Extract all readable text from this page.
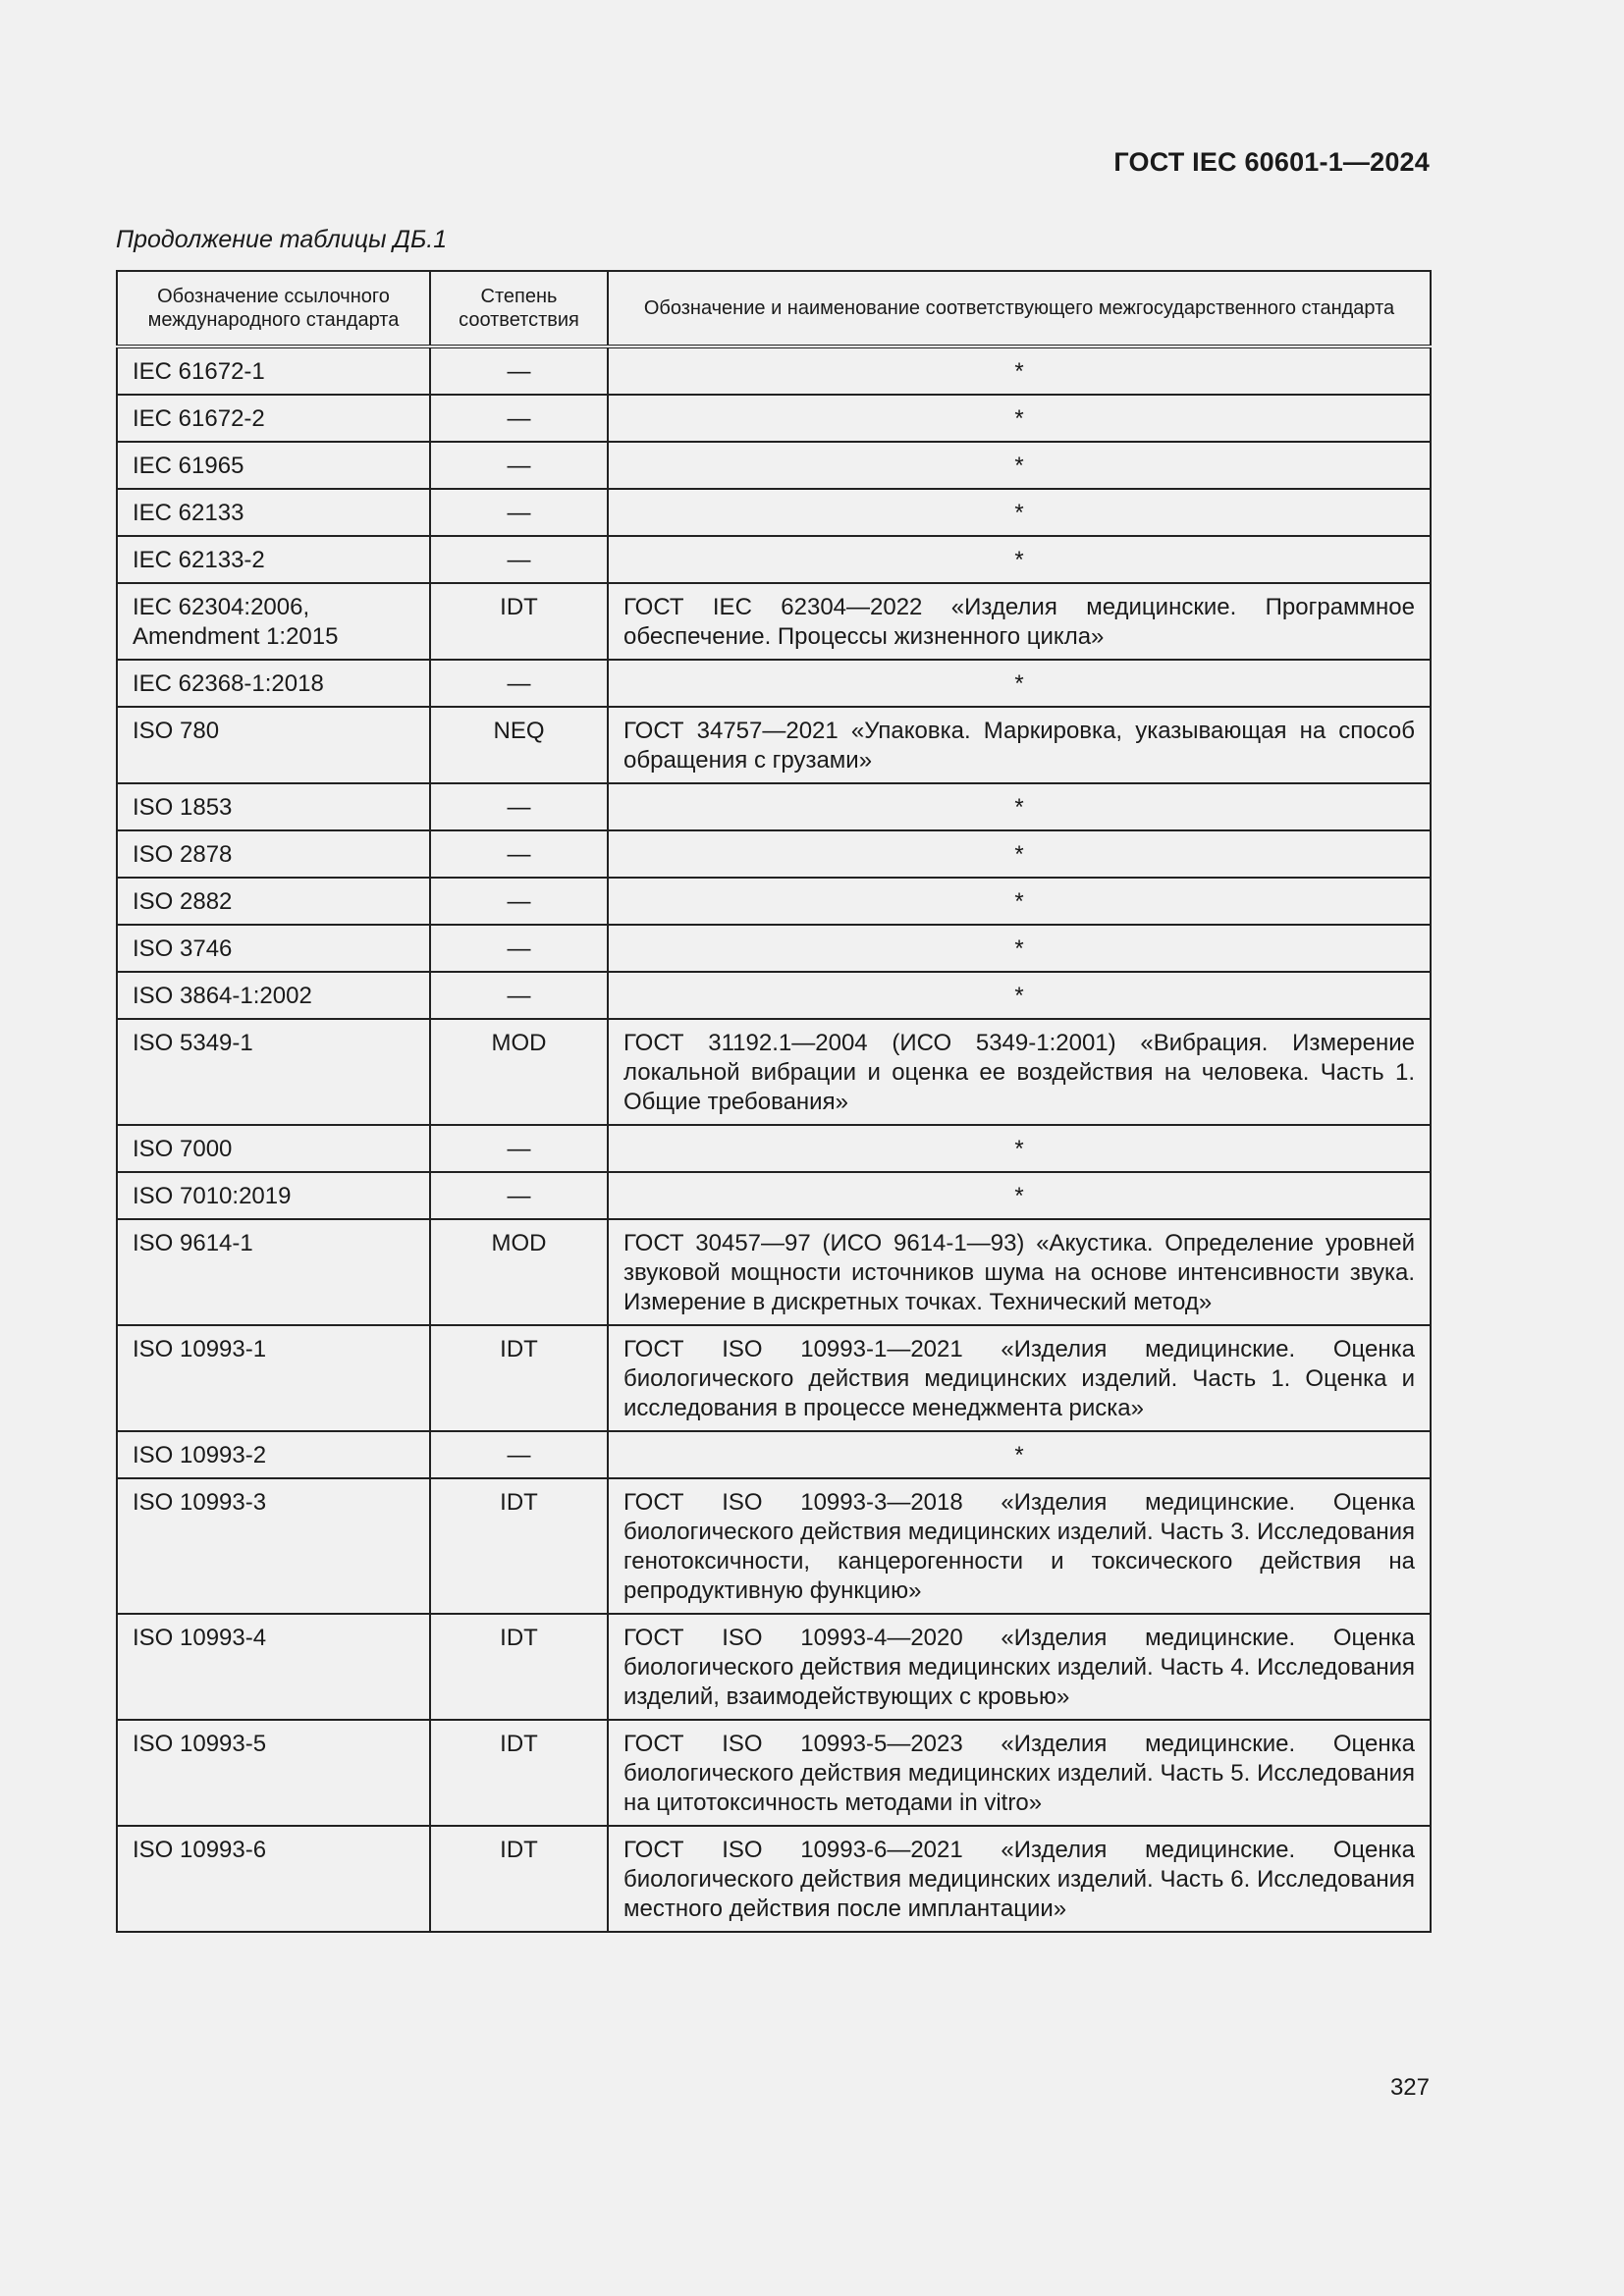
ГОСТ IEC 60601-1—2024
Продолжение таблицы ДБ.1
Обозначение ссылочного международного стандарта	Степень соответствия	Обозначение и наименование соответствующего межгосударственного стандарта
IEC 61672-1	—	*
IEC 61672-2	—	*
IEC 61965	—	*
IEC 62133	—	*
IEC 62133-2	—	*
IEC 62304:2006, Amendment 1:2015	IDT	ГОСТ IEC 62304—2022 «Изделия медицинские. Программное обеспечение. Процессы жизненного цикла»
IEC 62368-1:2018	—	*
ISO 780	NEQ	ГОСТ 34757—2021 «Упаковка. Маркировка, указывающая на способ обращения с грузами»
ISO 1853	—	*
ISO 2878	—	*
ISO 2882	—	*
ISO 3746	—	*
ISO 3864-1:2002	—	*
ISO 5349-1	MOD	ГОСТ 31192.1—2004 (ИСО 5349-1:2001) «Вибрация. Измерение локальной вибрации и оценка ее воздействия на человека. Часть 1. Общие требования»
ISO 7000	—	*
ISO 7010:2019	—	*
ISO 9614-1	MOD	ГОСТ 30457—97 (ИСО 9614-1—93) «Акустика. Определение уровней звуковой мощности источников шума на основе интенсивности звука. Измерение в дискретных точках. Технический метод»
ISO 10993-1	IDT	ГОСТ ISO 10993-1—2021 «Изделия медицинские. Оценка биологического действия медицинских изделий. Часть 1. Оценка и исследования в процессе менеджмента риска»
ISO 10993-2	—	*
ISO 10993-3	IDT	ГОСТ ISO 10993-3—2018 «Изделия медицинские. Оценка биологического действия медицинских изделий. Часть 3. Исследования генотоксичности, канцерогенности и токсического действия на репродуктивную функцию»
ISO 10993-4	IDT	ГОСТ ISO 10993-4—2020 «Изделия медицинские. Оценка биологического действия медицинских изделий. Часть 4. Исследования изделий, взаимодействующих с кровью»
ISO 10993-5	IDT	ГОСТ ISO 10993-5—2023 «Изделия медицинские. Оценка биологического действия медицинских изделий. Часть 5. Исследования на цитотоксичность методами in vitro»
ISO 10993-6	IDT	ГОСТ ISO 10993-6—2021 «Изделия медицинские. Оценка биологического действия медицинских изделий. Часть 6. Исследования местного действия после имплантации»
327
